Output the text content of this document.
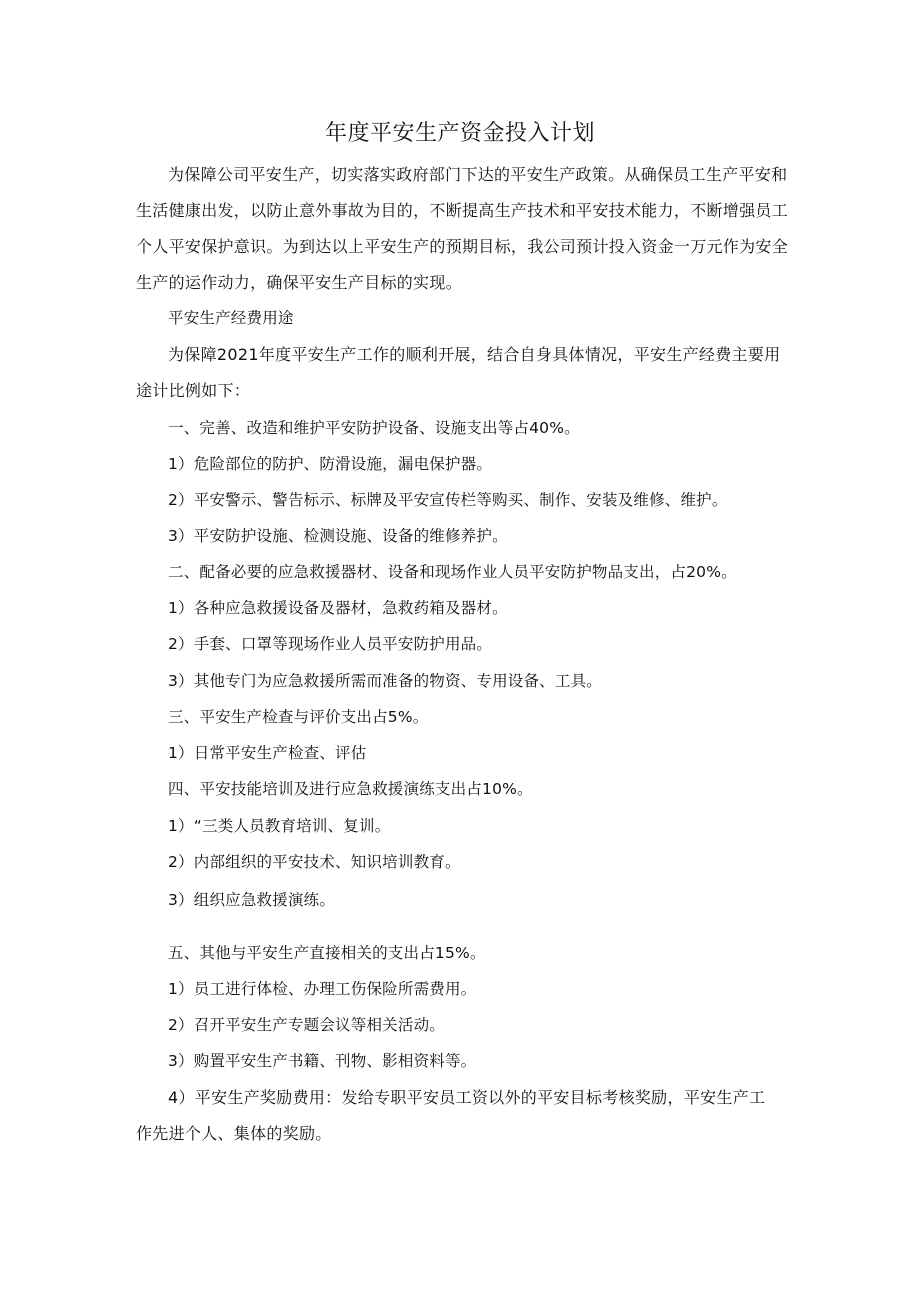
年度平安生产资金投入计划

为保障公司平安生产，切实落实政府部门下达的平安生产政策。从确保员工生产平安和生活健康出发，以防止意外事故为目的，不断提高生产技术和平安技术能力，不断增强员工个人平安保护意识。为到达以上平安生产的预期目标，我公司预计投入资金一万元作为安全生产的运作动力，确保平安生产目标的实现。

平安生产经费用途

为保障2021年度平安生产工作的顺利开展，结合自身具体情况，平安生产经费主要用途计比例如下：

一、完善、改造和维护平安防护设备、设施支出等占40%。

1）危险部位的防护、防滑设施，漏电保护器。

2）平安警示、警告标示、标牌及平安宣传栏等购买、制作、安装及维修、维护。

3）平安防护设施、检测设施、设备的维修养护。

二、配备必要的应急救援器材、设备和现场作业人员平安防护物品支出，占20%。

1）各种应急救援设备及器材，急救药箱及器材。

2）手套、口罩等现场作业人员平安防护用品。

3）其他专门为应急救援所需而准备的物资、专用设备、工具。

三、平安生产检查与评价支出占5%。

1）日常平安生产检查、评估

四、平安技能培训及进行应急救援演练支出占10%。

1）“三类人员教育培训、复训。

2）内部组织的平安技术、知识培训教育。

3）组织应急救援演练。

五、其他与平安生产直接相关的支出占15%。

1）员工进行体检、办理工伤保险所需费用。

2）召开平安生产专题会议等相关活动。

3）购置平安生产书籍、刊物、影相资料等。

4）平安生产奖励费用：发给专职平安员工资以外的平安目标考核奖励，平安生产工作先进个人、集体的奖励。
